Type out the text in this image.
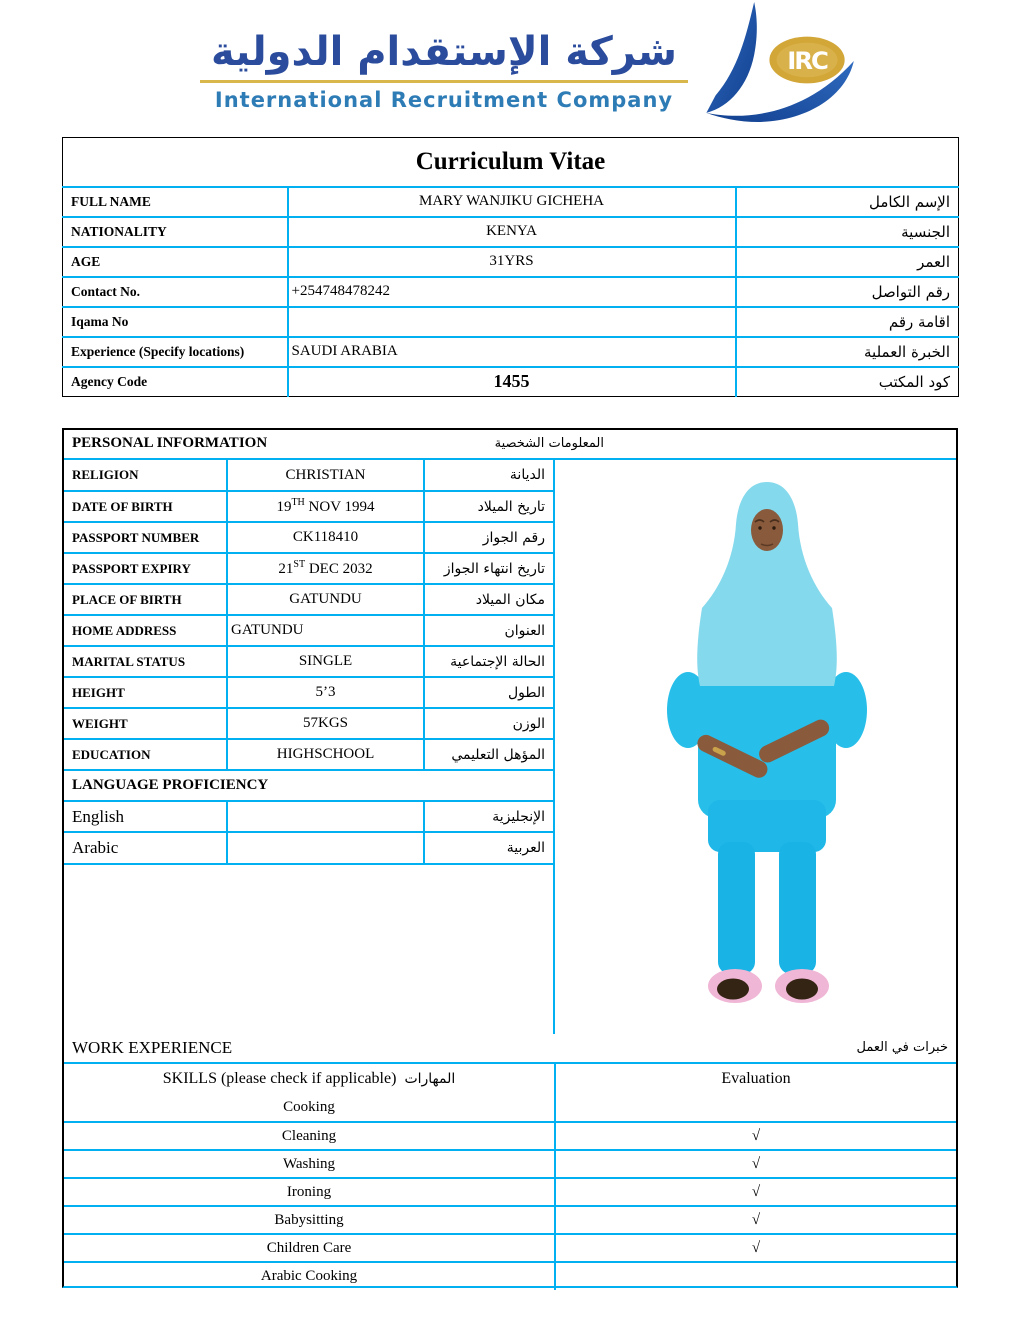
شركة الإستقدام الدولية
International Recruitment Company
IRC
Curriculum Vitae		
FULL NAME	MARY WANJIKU GICHEHA	الإسم الكامل
NATIONALITY	KENYA	الجنسية
AGE	31YRS	العمر
Contact No.	+254748478242	رقم التواصل
Iqama No		اقامة رقم
Experience (Specify locations)	SAUDI ARABIA	الخبرة العملية
Agency Code	1455	كود المكتب
PERSONAL INFORMATION	المعلومات الشخصية
RELIGION	CHRISTIAN	الديانة
DATE OF BIRTH	19TH NOV 1994	تاريخ الميلاد
PASSPORT NUMBER	CK118410	رقم الجواز
PASSPORT EXPIRY	21ST DEC 2032	تاريخ انتهاء الجواز
PLACE OF BIRTH	GATUNDU	مكان الميلاد
HOME ADDRESS	GATUNDU	العنوان
MARITAL STATUS	SINGLE	الحالة الإجتماعية
HEIGHT	5’3	الطول
WEIGHT	57KGS	الوزن
EDUCATION	HIGHSCHOOL	المؤهل التعليمي
LANGUAGE PROFICIENCY		
English		الإنجليزية
Arabic		العربية
WORK EXPERIENCE	خبرات في العمل
SKILLS (please check if applicable) المهارات	Evaluation
Cooking	
Cleaning	√
Washing	√
Ironing	√
Babysitting	√
Children Care	√
Arabic Cooking	
